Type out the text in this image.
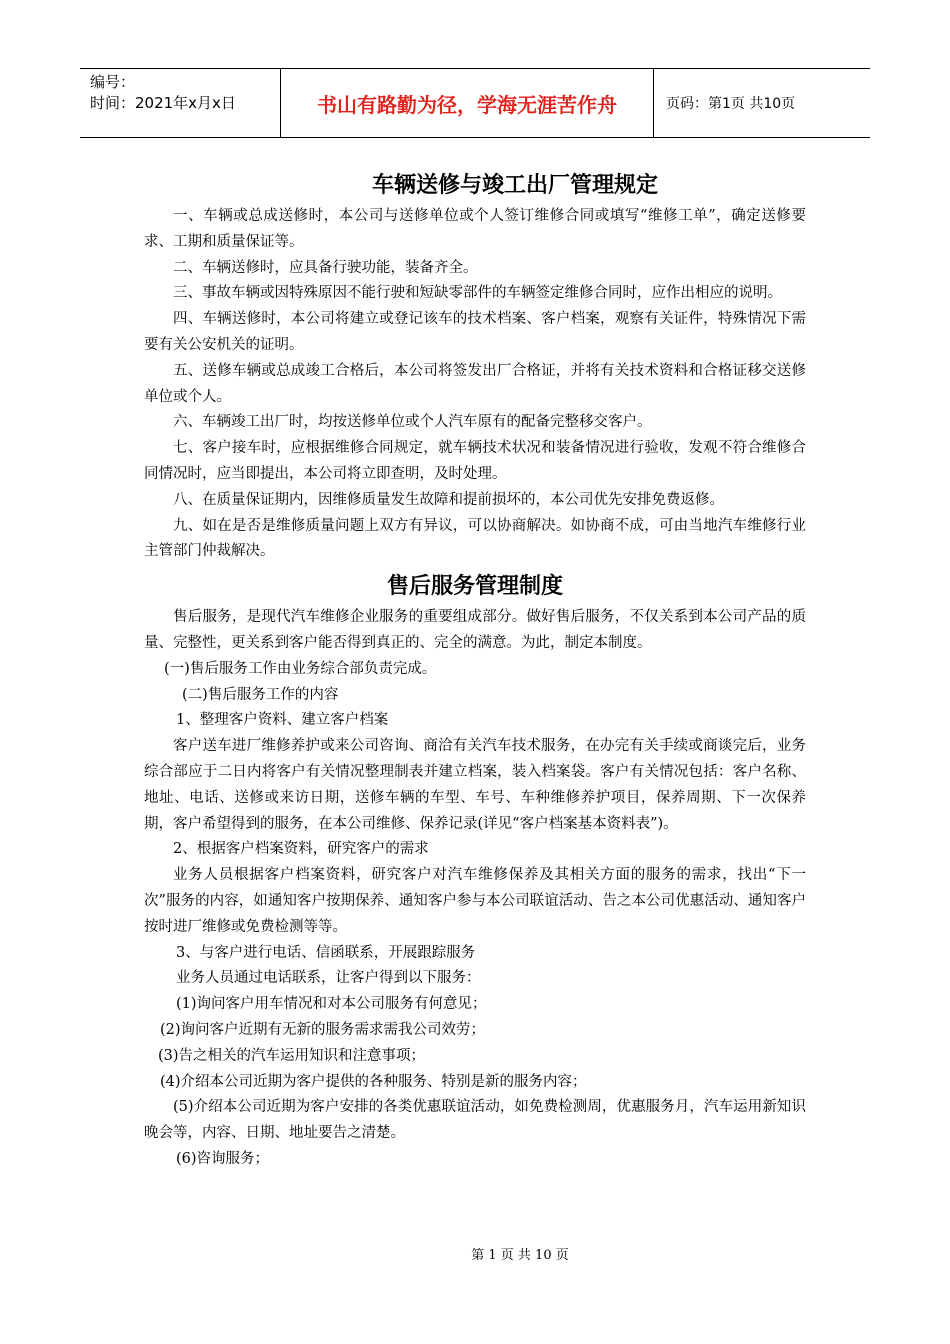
编号：
时间：2021年x月x日	书山有路勤为径，学海无涯苦作舟	页码：第1页 共10页
车辆送修与竣工出厂管理规定

一、车辆或总成送修时，本公司与送修单位或个人签订维修合同或填写“维修工单”，确定送修要求、工期和质量保证等。

二、车辆送修时，应具备行驶功能，装备齐全。

三、事故车辆或因特殊原因不能行驶和短缺零部件的车辆签定维修合同时，应作出相应的说明。

四、车辆送修时，本公司将建立或登记该车的技术档案、客户档案，观察有关证件，特殊情况下需要有关公安机关的证明。

五、送修车辆或总成竣工合格后，本公司将签发出厂合格证，并将有关技术资料和合格证移交送修单位或个人。

六、车辆竣工出厂时，均按送修单位或个人汽车原有的配备完整移交客户。

七、客户接车时，应根据维修合同规定，就车辆技术状况和装备情况进行验收，发观不符合维修合同情况时，应当即提出，本公司将立即查明，及时处理。

八、在质量保证期内，因维修质量发生故障和提前损坏的，本公司优先安排免费返修。

九、如在是否是维修质量问题上双方有异议，可以协商解决。如协商不成，可由当地汽车维修行业主管部门仲裁解决。

售后服务管理制度

售后服务，是现代汽车维修企业服务的重要组成部分。做好售后服务，不仅关系到本公司产品的质量、完整性，更关系到客户能否得到真正的、完全的满意。为此，制定本制度。

(一)售后服务工作由业务综合部负责完成。

(二)售后服务工作的内容

1、整理客户资料、建立客户档案

客户送车进厂维修养护或来公司咨询、商洽有关汽车技术服务，在办完有关手续或商谈完后，业务综合部应于二日内将客户有关情况整理制表并建立档案，装入档案袋。客户有关情况包括：客户名称、地址、电话、送修或来访日期，送修车辆的车型、车号、车种维修养护项目，保养周期、下一次保养期，客户希望得到的服务，在本公司维修、保养记录(详见“客户档案基本资料表”)。

2、根据客户档案资料，研究客户的需求

业务人员根据客户档案资料，研究客户对汽车维修保养及其相关方面的服务的需求，找出“下一次”服务的内容，如通知客户按期保养、通知客户参与本公司联谊活动、告之本公司优惠活动、通知客户按时进厂维修或免费检测等等。

3、与客户进行电话、信函联系，开展跟踪服务

业务人员通过电话联系，让客户得到以下服务：

(1)询问客户用车情况和对本公司服务有何意见；

(2)询问客户近期有无新的服务需求需我公司效劳；

(3)告之相关的汽车运用知识和注意事项；

(4)介绍本公司近期为客户提供的各种服务、特别是新的服务内容；

(5)介绍本公司近期为客户安排的各类优惠联谊活动，如免费检测周，优惠服务月，汽车运用新知识晚会等，内容、日期、地址要告之清楚。

(6)咨询服务；

第 1 页 共 10 页
